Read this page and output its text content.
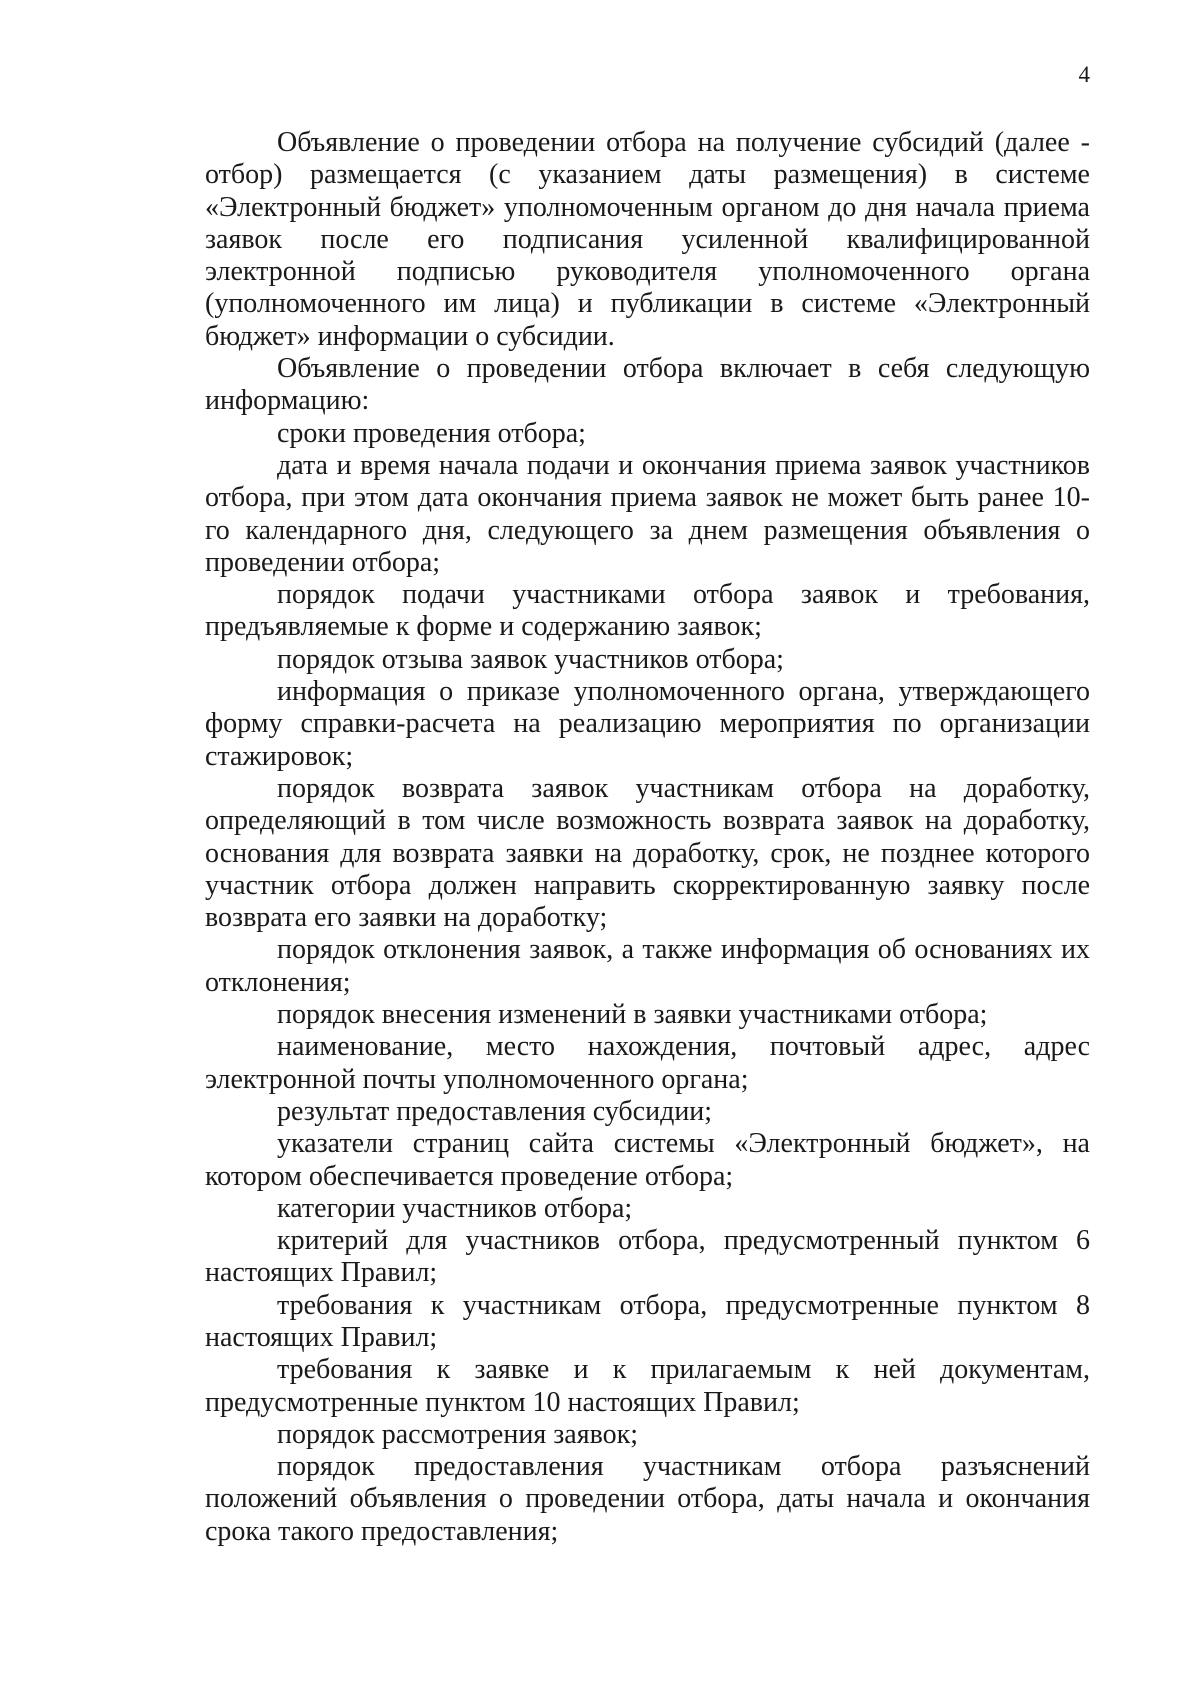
4

Объявление о проведении отбора на получение субсидий (далее - отбор) размещается (с указанием даты размещения) в системе «Электронный бюджет» уполномоченным органом до дня начала приема заявок после его подписания усиленной квалифицированной электронной подписью руководителя уполномоченного органа (уполномоченного им лица) и публикации в системе «Электронный бюджет» информации о субсидии.

Объявление о проведении отбора включает в себя следующую информацию:

сроки проведения отбора;

дата и время начала подачи и окончания приема заявок участников отбора, при этом дата окончания приема заявок не может быть ранее 10-го календарного дня, следующего за днем размещения объявления о проведении отбора;

порядок подачи участниками отбора заявок и требования, предъявляемые к форме и содержанию заявок;

порядок отзыва заявок участников отбора;

информация о приказе уполномоченного органа, утверждающего форму справки-расчета на реализацию мероприятия по организации стажировок;

порядок возврата заявок участникам отбора на доработку, определяющий в том числе возможность возврата заявок на доработку, основания для возврата заявки на доработку, срок, не позднее которого участник отбора должен направить скорректированную заявку после возврата его заявки на доработку;

порядок отклонения заявок, а также информация об основаниях их отклонения;

порядок внесения изменений в заявки участниками отбора;

наименование, место нахождения, почтовый адрес, адрес электронной почты уполномоченного органа;

результат предоставления субсидии;

указатели страниц сайта системы «Электронный бюджет», на котором обеспечивается проведение отбора;

категории участников отбора;

критерий для участников отбора, предусмотренный пунктом 6 настоящих Правил;

требования к участникам отбора, предусмотренные пунктом 8 настоящих Правил;

требования к заявке и к прилагаемым к ней документам, предусмотренные пунктом 10 настоящих Правил;

порядок рассмотрения заявок;

порядок предоставления участникам отбора разъяснений положений объявления о проведении отбора, даты начала и окончания срока такого предоставления;
